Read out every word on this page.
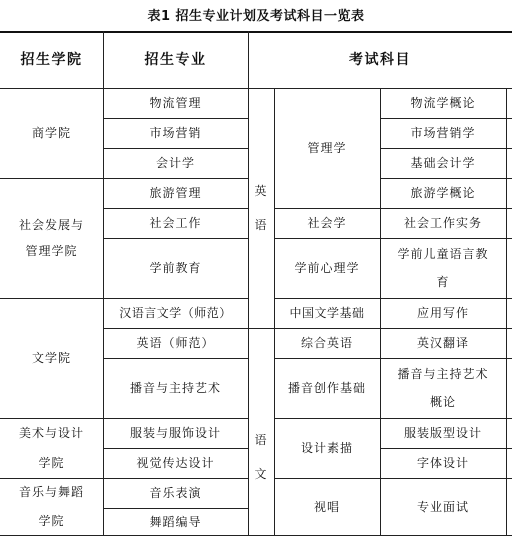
表1 招生专业计划及考试科目一览表
招生学院	招生专业	考试科目
商学院
社会发展与
管理学院
文学院
美术与设计
学院
音乐与舞蹈
学院
物流管理
市场营销
会计学
旅游管理
社会工作
学前教育
汉语言文学（师范）
英语（师范）
播音与主持艺术
服装与服饰设计
视觉传达设计
音乐表演
舞蹈编导
英
语
语
文
管理学
社会学
学前心理学
中国文学基础
综合英语
播音创作基础
设计素描
视唱
物流学概论
市场营销学
基础会计学
旅游学概论
社会工作实务
学前儿童语言教
育
应用写作
英汉翻译
播音与主持艺术
概论
服装版型设计
字体设计
专业面试
